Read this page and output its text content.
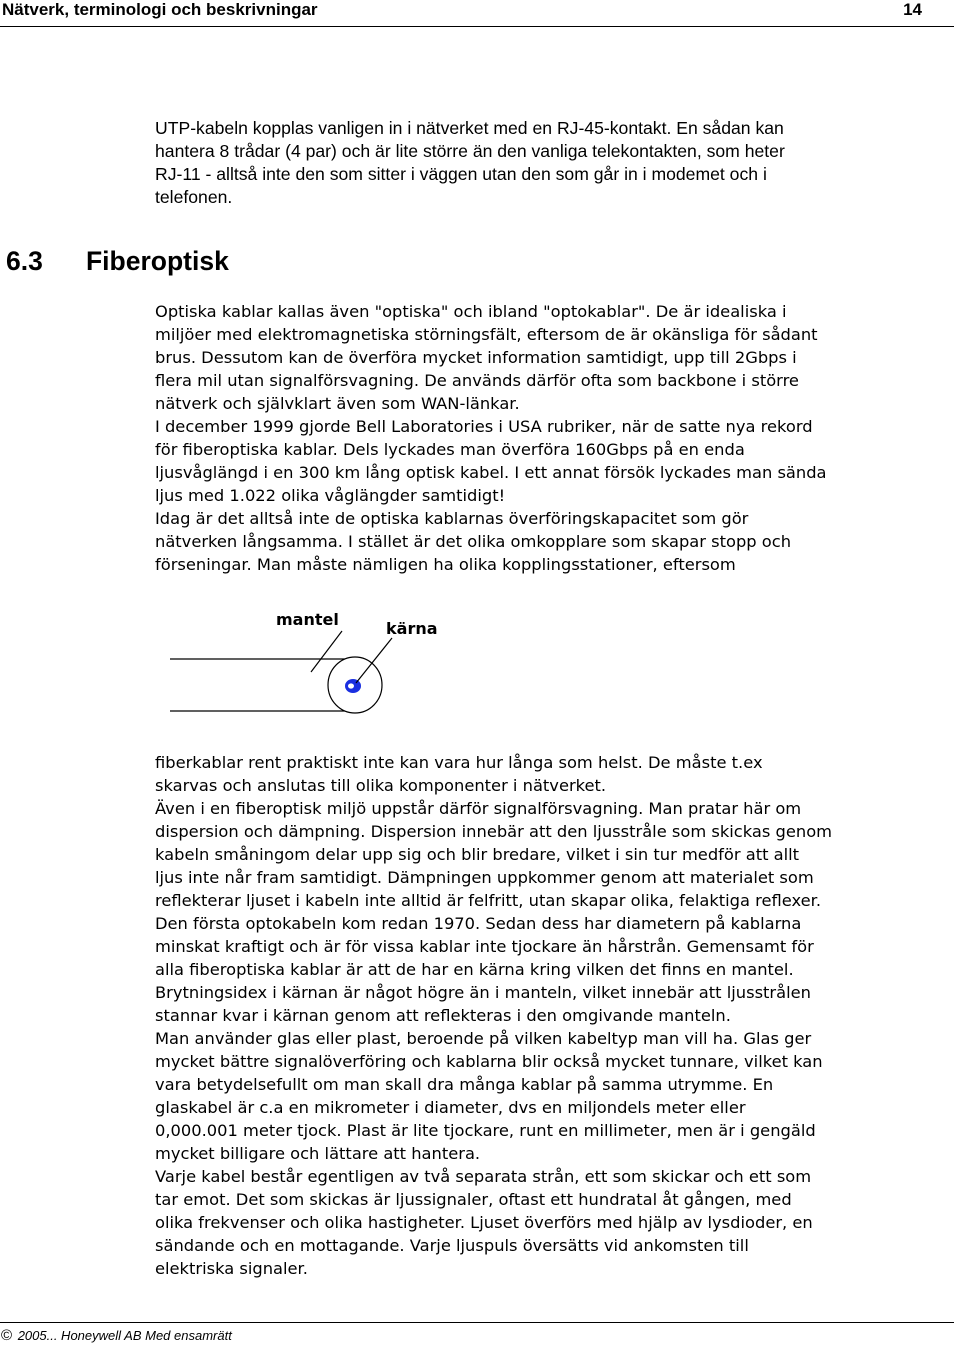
Nätverk, terminologi och beskrivningar	14
UTP-kabeln kopplas vanligen in i nätverket med en RJ-45-kontakt. En sådan kan
hantera 8 trådar (4 par) och är lite större än den vanliga telekontakten, som heter
RJ-11 - alltså inte den som sitter i väggen utan den som går in i modemet och i
telefonen.
6.3 Fiberoptisk
Optiska kablar kallas även "optiska" och ibland "optokablar". De är idealiska i
miljöer med elektromagnetiska störningsfält, eftersom de är okänsliga för sådant
brus. Dessutom kan de överföra mycket information samtidigt, upp till 2Gbps i
flera mil utan signalförsvagning. De används därför ofta som backbone i större
nätverk och självklart även som WAN-länkar.
I december 1999 gjorde Bell Laboratories i USA rubriker, när de satte nya rekord
för fiberoptiska kablar. Dels lyckades man överföra 160Gbps på en enda
ljusvåglängd i en 300 km lång optisk kabel. I ett annat försök lyckades man sända
ljus med 1.022 olika våglängder samtidigt!
Idag är det alltså inte de optiska kablarnas överföringskapacitet som gör
nätverken långsamma. I stället är det olika omkopplare som skapar stopp och
förseningar. Man måste nämligen ha olika kopplingsstationer, eftersom
mantel	kärna
fiberkablar rent praktiskt inte kan vara hur långa som helst. De måste t.ex
skarvas och anslutas till olika komponenter i nätverket.
Även i en fiberoptisk miljö uppstår därför signalförsvagning. Man pratar här om
dispersion och dämpning. Dispersion innebär att den ljusstråle som skickas genom
kabeln småningom delar upp sig och blir bredare, vilket i sin tur medför att allt
ljus inte når fram samtidigt. Dämpningen uppkommer genom att materialet som
reflekterar ljuset i kabeln inte alltid är felfritt, utan skapar olika, felaktiga reflexer.
Den första optokabeln kom redan 1970. Sedan dess har diametern på kablarna
minskat kraftigt och är för vissa kablar inte tjockare än hårstrån. Gemensamt för
alla fiberoptiska kablar är att de har en kärna kring vilken det finns en mantel.
Brytningsidex i kärnan är något högre än i manteln, vilket innebär att ljusstrålen
stannar kvar i kärnan genom att reflekteras i den omgivande manteln.
Man använder glas eller plast, beroende på vilken kabeltyp man vill ha. Glas ger
mycket bättre signalöverföring och kablarna blir också mycket tunnare, vilket kan
vara betydelsefullt om man skall dra många kablar på samma utrymme. En
glaskabel är c.a en mikrometer i diameter, dvs en miljondels meter eller
0,000.001 meter tjock. Plast är lite tjockare, runt en millimeter, men är i gengäld
mycket billigare och lättare att hantera.
Varje kabel består egentligen av två separata strån, ett som skickar och ett som
tar emot. Det som skickas är ljussignaler, oftast ett hundratal åt gången, med
olika frekvenser och olika hastigheter. Ljuset överförs med hjälp av lysdioder, en
sändande och en mottagande. Varje ljuspuls översätts vid ankomsten till
elektriska signaler.
© 2005... Honeywell AB Med ensamrätt
